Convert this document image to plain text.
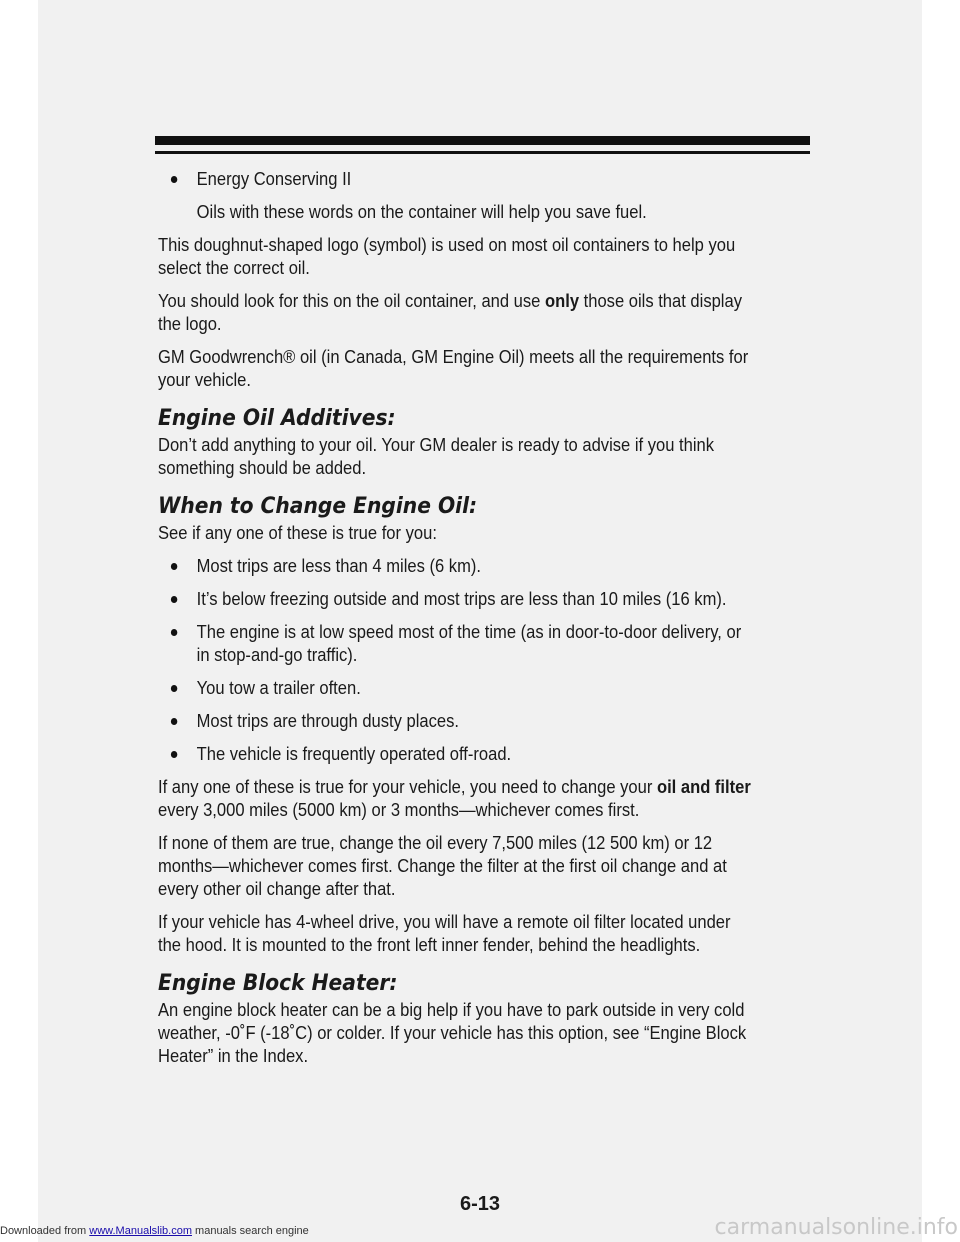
Energy Conserving II

Oils with these words on the container will help you save fuel.

This doughnut-shaped logo (symbol) is used on most oil containers to help you select the correct oil.

You should look for this on the oil container, and use only those oils that display the logo.

GM Goodwrench® oil (in Canada, GM Engine Oil) meets all the requirements for your vehicle.

Engine Oil Additives:

Don’t add anything to your oil. Your GM dealer is ready to advise if you think something should be added.

When to Change Engine Oil:

See if any one of these is true for you:

Most trips are less than 4 miles (6 km).
It’s below freezing outside and most trips are less than 10 miles (16 km).
The engine is at low speed most of the time (as in door-to-door delivery, or in stop-and-go traffic).
You tow a trailer often.
Most trips are through dusty places.
The vehicle is frequently operated off-road.

If any one of these is true for your vehicle, you need to change your oil and filter every 3,000 miles (5000 km) or 3 months—whichever comes first.

If none of them are true, change the oil every 7,500 miles (12 500 km) or 12 months—whichever comes first. Change the filter at the first oil change and at every other oil change after that.

If your vehicle has 4-wheel drive, you will have a remote oil filter located under the hood. It is mounted to the front left inner fender, behind the headlights.

Engine Block Heater:

An engine block heater can be a big help if you have to park outside in very cold weather, -0˚F (-18˚C) or colder. If your vehicle has this option, see “Engine Block Heater” in the Index.

6-13
Downloaded from www.Manualslib.com manuals search engine	carmanualsonline.info
